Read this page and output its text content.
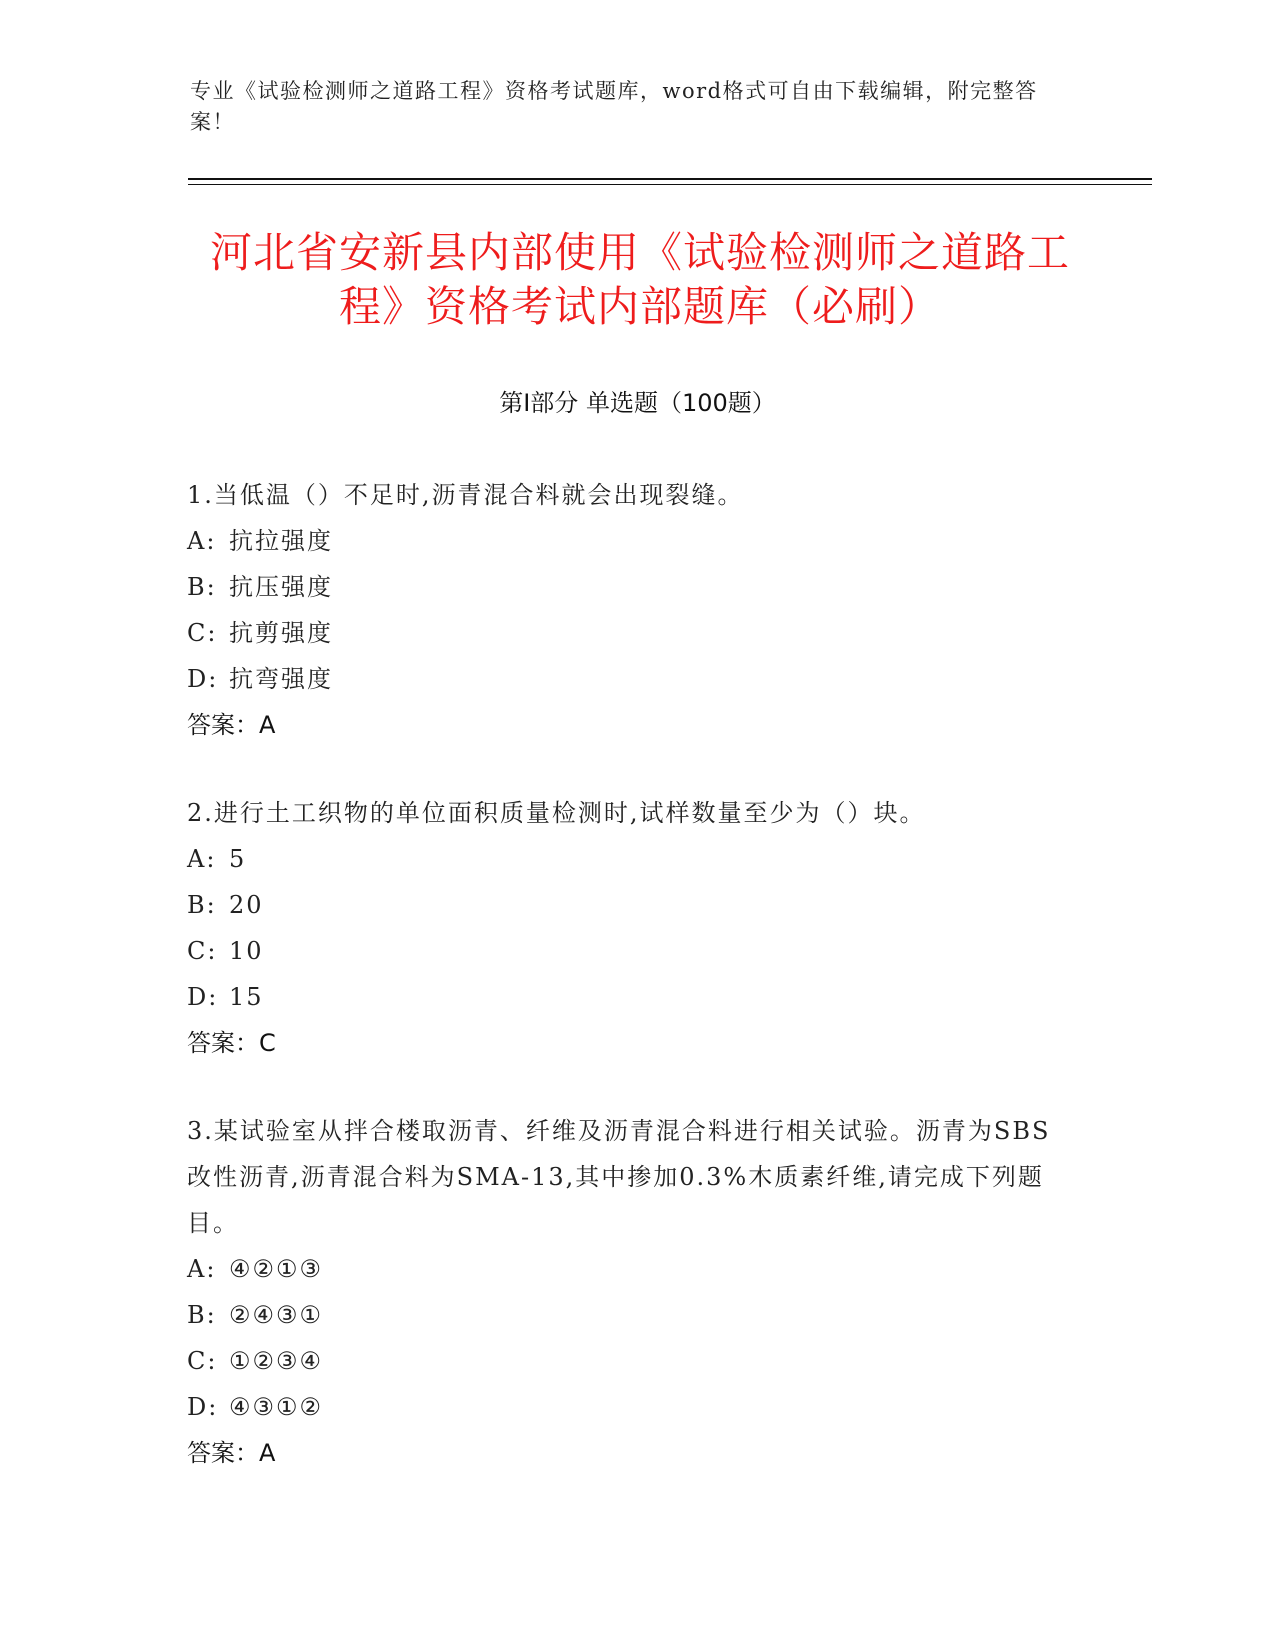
专业《试验检测师之道路工程》资格考试题库，word格式可自由下载编辑，附完整答案！
河北省安新县内部使用《试验检测师之道路工程》资格考试内部题库（必刷）
第Ⅰ部分 单选题（100题）
1.当低温（）不足时,沥青混合料就会出现裂缝。
A: 抗拉强度
B: 抗压强度
C: 抗剪强度
D: 抗弯强度
答案：A
2.进行土工织物的单位面积质量检测时,试样数量至少为（）块。
A: 5
B: 20
C: 10
D: 15
答案：C
3.某试验室从拌合楼取沥青、纤维及沥青混合料进行相关试验。沥青为SBS改性沥青,沥青混合料为SMA-13,其中掺加0.3%木质素纤维,请完成下列题目。
A: ④②①③
B: ②④③①
C: ①②③④
D: ④③①②
答案：A
